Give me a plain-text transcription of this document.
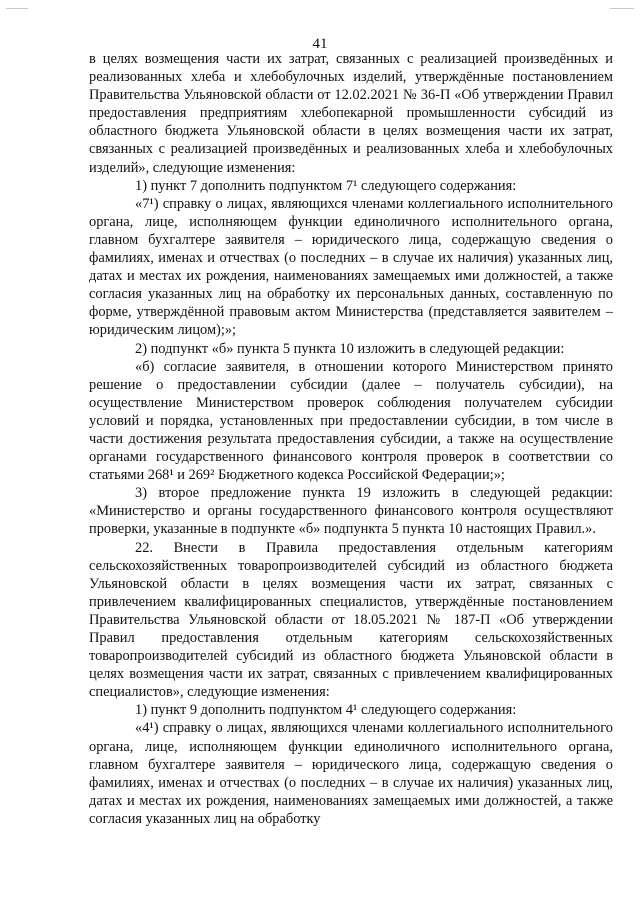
41

в целях возмещения части их затрат, связанных с реализацией произведённых и реализованных хлеба и хлебобулочных изделий, утверждённые постановлением Правительства Ульяновской области от 12.02.2021 № 36-П «Об утверждении Правил предоставления предприятиям хлебопекарной промышленности субсидий из областного бюджета Ульяновской области в целях возмещения части их затрат, связанных с реализацией произведённых и реализованных хлеба и хлебобулочных изделий», следующие изменения:

1) пункт 7 дополнить подпунктом 7¹ следующего содержания:

«7¹) справку о лицах, являющихся членами коллегиального исполнительного органа, лице, исполняющем функции единоличного исполнительного органа, главном бухгалтере заявителя – юридического лица, содержащую сведения о фамилиях, именах и отчествах (о последних – в случае их наличия) указанных лиц, датах и местах их рождения, наименованиях замещаемых ими должностей, а также согласия указанных лиц на обработку их персональных данных, составленную по форме, утверждённой правовым актом Министерства (представляется заявителем – юридическим лицом);»;

2) подпункт «б» пункта 5 пункта 10 изложить в следующей редакции:

«б) согласие заявителя, в отношении которого Министерством принято решение о предоставлении субсидии (далее – получатель субсидии), на осуществление Министерством проверок соблюдения получателем субсидии условий и порядка, установленных при предоставлении субсидии, в том числе в части достижения результата предоставления субсидии, а также на осуществление органами государственного финансового контроля проверок в соответствии со статьями 268¹ и 269² Бюджетного кодекса Российской Федерации;»;

3) второе предложение пункта 19 изложить в следующей редакции: «Министерство и органы государственного финансового контроля осуществляют проверки, указанные в подпункте «б» подпункта 5 пункта 10 настоящих Правил.».

22. Внести в Правила предоставления отдельным категориям сельскохозяйственных товаропроизводителей субсидий из областного бюджета Ульяновской области в целях возмещения части их затрат, связанных с привлечением квалифицированных специалистов, утверждённые постановлением Правительства Ульяновской области от 18.05.2021 № 187-П «Об утверждении Правил предоставления отдельным категориям сельскохозяйственных товаропроизводителей субсидий из областного бюджета Ульяновской области в целях возмещения части их затрат, связанных с привлечением квалифицированных специалистов», следующие изменения:

1) пункт 9 дополнить подпунктом 4¹ следующего содержания:

«4¹) справку о лицах, являющихся членами коллегиального исполнительного органа, лице, исполняющем функции единоличного исполнительного органа, главном бухгалтере заявителя – юридического лица, содержащую сведения о фамилиях, именах и отчествах (о последних – в случае их наличия) указанных лиц, датах и местах их рождения, наименованиях замещаемых ими должностей, а также согласия указанных лиц на обработку
